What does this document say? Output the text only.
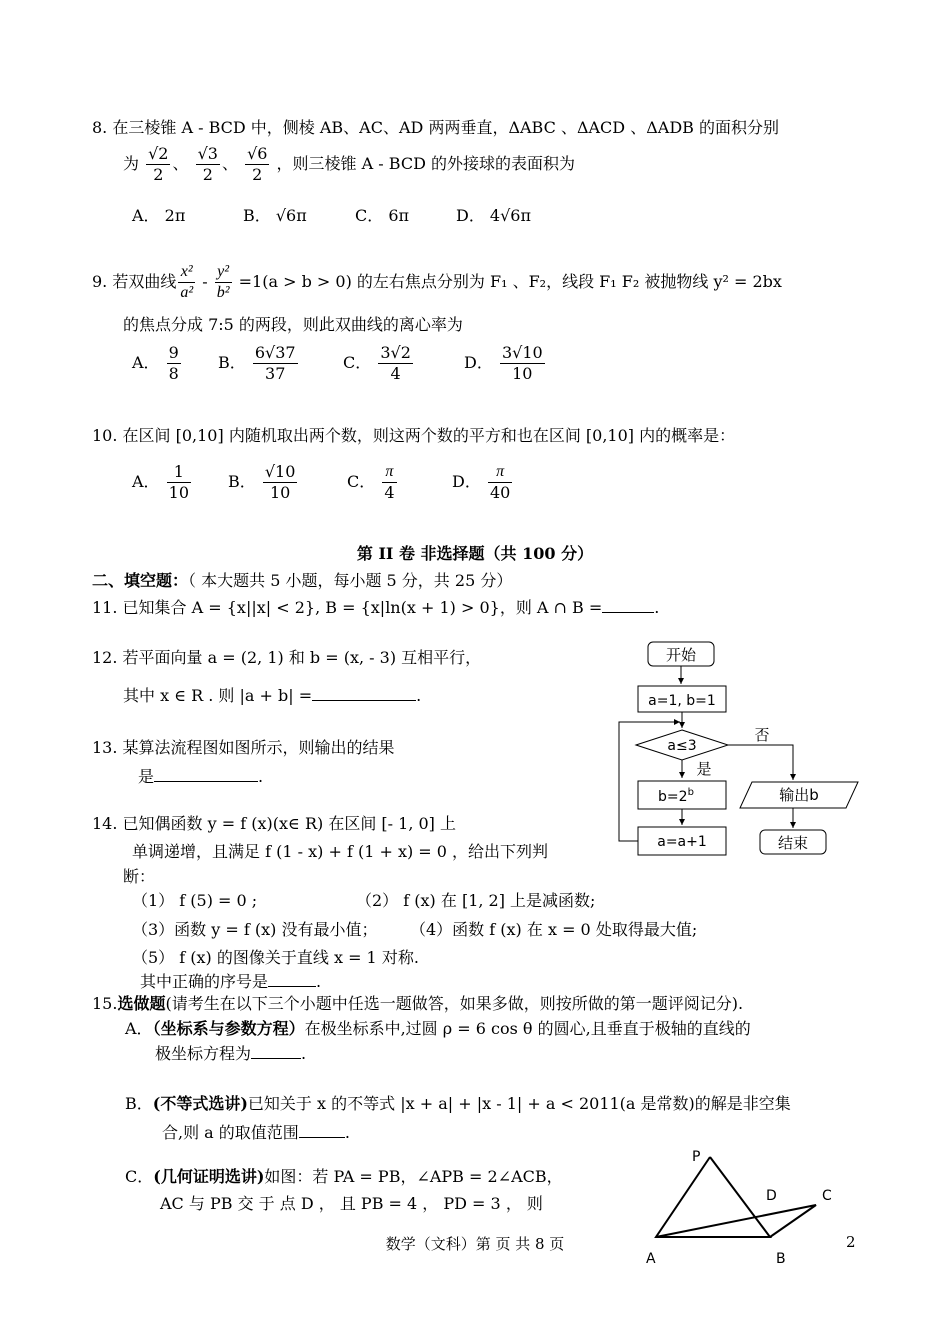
8. 在三棱锥 A - BCD 中，侧棱 AB、AC、AD 两两垂直，ΔABC 、ΔACD 、ΔADB 的面积分别
为 $\frac{√2}{2}$ 、 $\frac{√3}{2}$ 、 $\frac{√6}{2}$ ，则三棱锥 A - BCD 的外接球的表面积为
A． 2π	B． √6π	C． 6π	D． 4√6π
9. 若双曲线 $\frac{\text{x²}}{\text{a²}} - \frac{\text{y²}}{\text{b²}} =1(a > b > 0)$ 的左右焦点分别为 F₁ 、F₂，线段 F₁ F₂ 被抛物线 y² = 2bx
的焦点分成 7:5 的两段，则此双曲线的离心率为
A． $\frac{9}{8}$ B． $\frac{6√37}{37}$	C． $\frac{3√2}{4}$	D． $\frac{3√10}{10}$
10. 在区间 [0,10] 内随机取出两个数，则这两个数的平方和也在区间 [0,10] 内的概率是：
A． $\frac{1}{10}$ B． $\frac{√10}{10}$	C． $\frac{\pi}{4}$	D． $\frac{\pi}{40}$
第 II 卷 非选择题（共 100 分）
二、填空题：（ 本大题共 5 小题，每小题 5 分，共 25 分）
11. 已知集合 A = {x||x| < 2}, B = {x|ln(x + 1) > 0}，则 A ∩ B =	.
12. 若平面向量 a = (2, 1) 和 b = (x, - 3) 互相平行，
其中 x ∈ R . 则 |a + b| =	.
13. 某算法流程图如图所示，则输出的结果
是	.
14. 已知偶函数 y = f (x)(x∈ R) 在区间 [- 1, 0] 上
单调递增，且满足 f (1 - x) + f (1 + x) = 0 ，给出下列判
断：
（1） f (5) = 0 ;	（2） f (x) 在 [1, 2] 上是减函数;
（3）函数 y = f (x) 没有最小值； （4）函数 f (x) 在 x = 0 处取得最大值;
（5） f (x) 的图像关于直线 x = 1 对称.
其中正确的序号是	.
15.选做题(请考生在以下三个小题中任选一题做答，如果多做，则按所做的第一题评阅记分).
A．（坐标系与参数方程）在极坐标系中,过圆 ρ = 6 cos θ 的圆心,且垂直于极轴的直线的
极坐标方程为	.
B．(不等式选讲)已知关于 x 的不等式 |x + a| + |x - 1| + a < 2011(a 是常数)的解是非空集
合,则 a 的取值范围	.
C．(几何证明选讲)如图：若 PA = PB，∠APB = 2∠ACB，
AC 与 PB 交 于 点 D ， 且 PB = 4 ， PD = 3 ， 则
开始
a=1, b=1
a≤3
否
是
$b=2^b$
a=a+1
输出b
结束
P
D	C
A	B
数学（文科）第 页 共 8 页	2
